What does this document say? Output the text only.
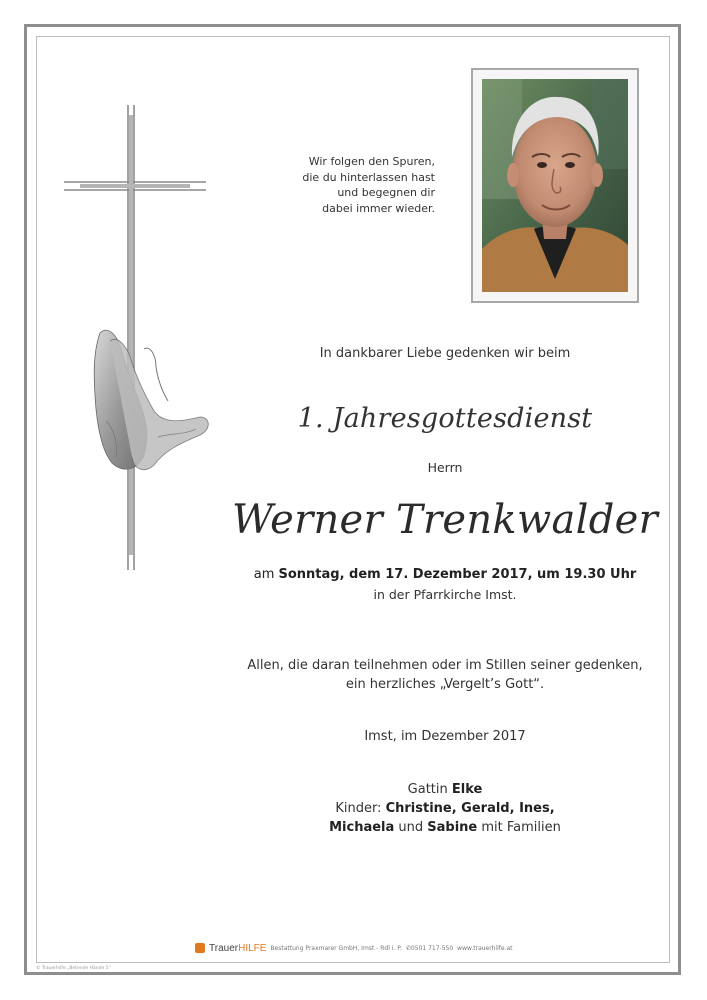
Wir folgen den Spuren,
die du hinterlassen hast
und begegnen dir
dabei immer wieder.
In dankbarer Liebe gedenken wir beim
1. Jahresgottesdienst
Herrn
Werner Trenkwalder
am Sonntag, dem 17. Dezember 2017, um 19.30 Uhr
in der Pfarrkirche Imst.
Allen, die daran teilnehmen oder im Stillen seiner gedenken,
ein herzliches „Vergelt’s Gott“.
Imst, im Dezember 2017
Gattin Elke
Kinder: Christine, Gerald, Ines,
Michaela und Sabine mit Familien
TrauerHILFE Bestattung Praxmarer GmbH, Imst - Rdl i. P. ✆0501 717-550 www.trauerhilfe.at
© Trauerhilfe „Betende Hände 1“
